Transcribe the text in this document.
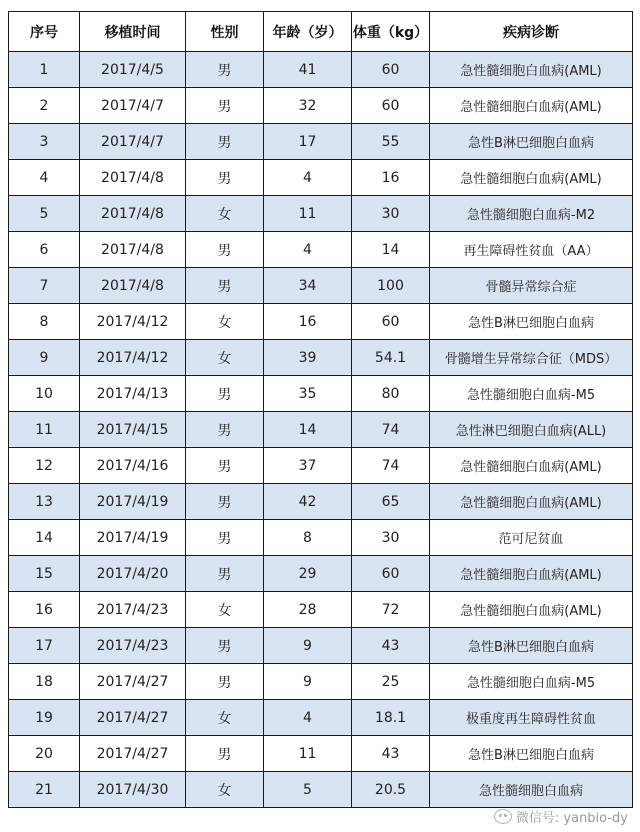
序号	移植时间	性别	年龄（岁）	体重（kg）	疾病诊断
1	2017/4/5	男	41	60	急性髓细胞白血病(AML)
2	2017/4/7	男	32	60	急性髓细胞白血病(AML)
3	2017/4/7	男	17	55	急性B淋巴细胞白血病
4	2017/4/8	男	4	16	急性髓细胞白血病(AML)
5	2017/4/8	女	11	30	急性髓细胞白血病-M2
6	2017/4/8	男	4	14	再生障碍性贫血（AA）
7	2017/4/8	男	34	100	骨髓异常综合症
8	2017/4/12	女	16	60	急性B淋巴细胞白血病
9	2017/4/12	女	39	54.1	骨髓增生异常综合征（MDS）
10	2017/4/13	男	35	80	急性髓细胞白血病-M5
11	2017/4/15	男	14	74	急性淋巴细胞白血病(ALL)
12	2017/4/16	男	37	74	急性髓细胞白血病(AML)
13	2017/4/19	男	42	65	急性髓细胞白血病(AML)
14	2017/4/19	男	8	30	范可尼贫血
15	2017/4/20	男	29	60	急性髓细胞白血病(AML)
16	2017/4/23	女	28	72	急性髓细胞白血病(AML)
17	2017/4/23	男	9	43	急性B淋巴细胞白血病
18	2017/4/27	男	9	25	急性髓细胞白血病-M5
19	2017/4/27	女	4	18.1	极重度再生障碍性贫血
20	2017/4/27	男	11	43	急性B淋巴细胞白血病
21	2017/4/30	女	5	20.5	急性髓细胞白血病
微信号: yanbio-dy
